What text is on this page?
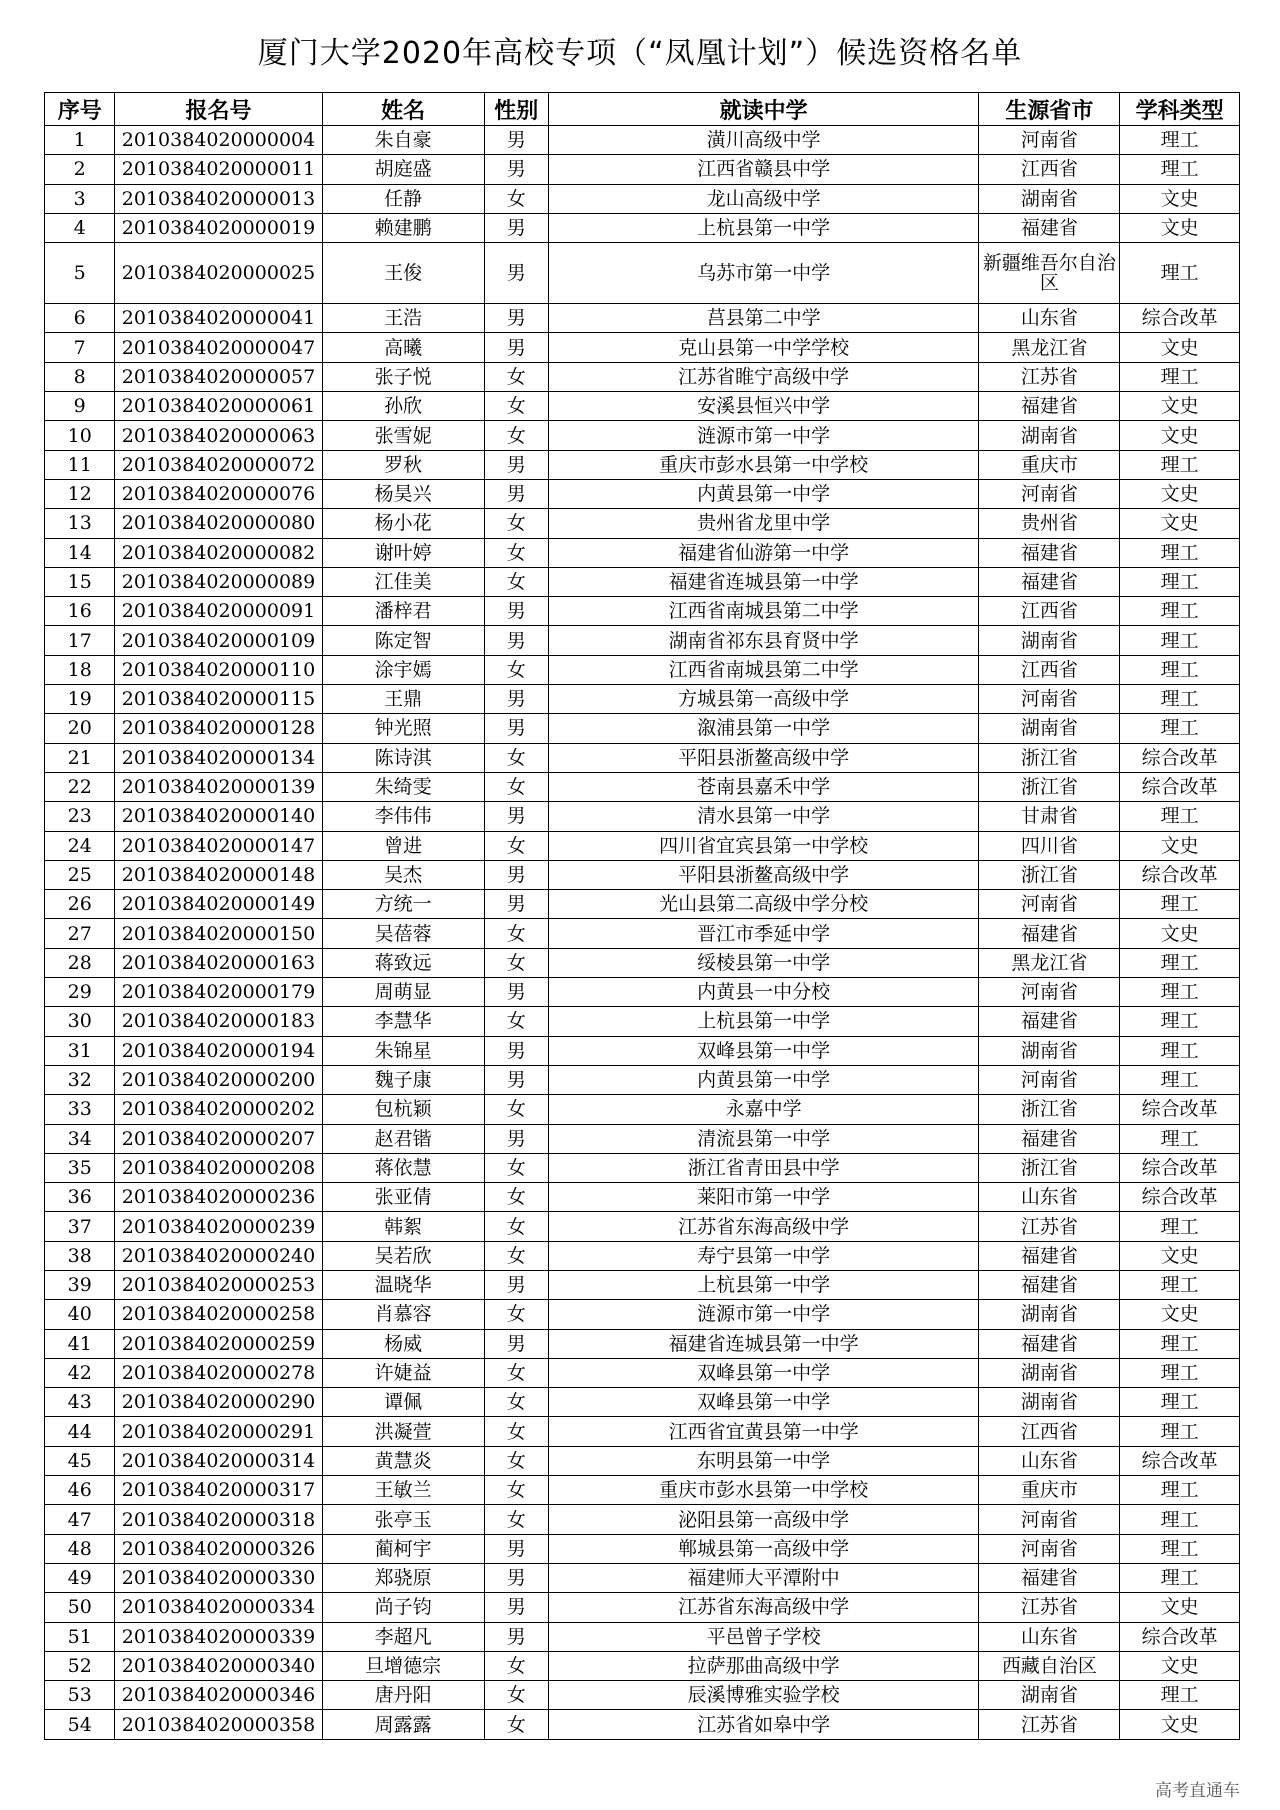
厦门大学2020年高校专项（“凤凰计划”）候选资格名单
序号	报名号	姓名	性别	就读中学	生源省市	学科类型
1	2010384020000004	朱自豪	男	潢川高级中学	河南省	理工
2	2010384020000011	胡庭盛	男	江西省赣县中学	江西省	理工
3	2010384020000013	任静	女	龙山高级中学	湖南省	文史
4	2010384020000019	赖建鹏	男	上杭县第一中学	福建省	文史
5	2010384020000025	王俊	男	乌苏市第一中学	新疆维吾尔自治区	理工
6	2010384020000041	王浩	男	莒县第二中学	山东省	综合改革
7	2010384020000047	高曦	男	克山县第一中学学校	黑龙江省	文史
8	2010384020000057	张子悦	女	江苏省睢宁高级中学	江苏省	理工
9	2010384020000061	孙欣	女	安溪县恒兴中学	福建省	文史
10	2010384020000063	张雪妮	女	涟源市第一中学	湖南省	文史
11	2010384020000072	罗秋	男	重庆市彭水县第一中学校	重庆市	理工
12	2010384020000076	杨昊兴	男	内黄县第一中学	河南省	文史
13	2010384020000080	杨小花	女	贵州省龙里中学	贵州省	文史
14	2010384020000082	谢叶婷	女	福建省仙游第一中学	福建省	理工
15	2010384020000089	江佳美	女	福建省连城县第一中学	福建省	理工
16	2010384020000091	潘梓君	男	江西省南城县第二中学	江西省	理工
17	2010384020000109	陈定智	男	湖南省祁东县育贤中学	湖南省	理工
18	2010384020000110	涂宇嫣	女	江西省南城县第二中学	江西省	理工
19	2010384020000115	王鼎	男	方城县第一高级中学	河南省	理工
20	2010384020000128	钟光照	男	溆浦县第一中学	湖南省	理工
21	2010384020000134	陈诗淇	女	平阳县浙鳌高级中学	浙江省	综合改革
22	2010384020000139	朱绮雯	女	苍南县嘉禾中学	浙江省	综合改革
23	2010384020000140	李伟伟	男	清水县第一中学	甘肃省	理工
24	2010384020000147	曾进	女	四川省宜宾县第一中学校	四川省	文史
25	2010384020000148	吴杰	男	平阳县浙鳌高级中学	浙江省	综合改革
26	2010384020000149	方统一	男	光山县第二高级中学分校	河南省	理工
27	2010384020000150	吴蓓蓉	女	晋江市季延中学	福建省	文史
28	2010384020000163	蒋致远	女	绥棱县第一中学	黑龙江省	理工
29	2010384020000179	周萌显	男	内黄县一中分校	河南省	理工
30	2010384020000183	李慧华	女	上杭县第一中学	福建省	理工
31	2010384020000194	朱锦星	男	双峰县第一中学	湖南省	理工
32	2010384020000200	魏子康	男	内黄县第一中学	河南省	理工
33	2010384020000202	包杭颖	女	永嘉中学	浙江省	综合改革
34	2010384020000207	赵君锴	男	清流县第一中学	福建省	理工
35	2010384020000208	蒋依慧	女	浙江省青田县中学	浙江省	综合改革
36	2010384020000236	张亚倩	女	莱阳市第一中学	山东省	综合改革
37	2010384020000239	韩絮	女	江苏省东海高级中学	江苏省	理工
38	2010384020000240	吴若欣	女	寿宁县第一中学	福建省	文史
39	2010384020000253	温晓华	男	上杭县第一中学	福建省	理工
40	2010384020000258	肖慕容	女	涟源市第一中学	湖南省	文史
41	2010384020000259	杨威	男	福建省连城县第一中学	福建省	理工
42	2010384020000278	许婕益	女	双峰县第一中学	湖南省	理工
43	2010384020000290	谭佩	女	双峰县第一中学	湖南省	理工
44	2010384020000291	洪凝萱	女	江西省宜黄县第一中学	江西省	理工
45	2010384020000314	黄慧炎	女	东明县第一中学	山东省	综合改革
46	2010384020000317	王敏兰	女	重庆市彭水县第一中学校	重庆市	理工
47	2010384020000318	张亭玉	女	泌阳县第一高级中学	河南省	理工
48	2010384020000326	蔺柯宇	男	郸城县第一高级中学	河南省	理工
49	2010384020000330	郑骁原	男	福建师大平潭附中	福建省	理工
50	2010384020000334	尚子钧	男	江苏省东海高级中学	江苏省	文史
51	2010384020000339	李超凡	男	平邑曾子学校	山东省	综合改革
52	2010384020000340	旦增德宗	女	拉萨那曲高级中学	西藏自治区	文史
53	2010384020000346	唐丹阳	女	辰溪博雅实验学校	湖南省	理工
54	2010384020000358	周露露	女	江苏省如皋中学	江苏省	文史
高考直通车
